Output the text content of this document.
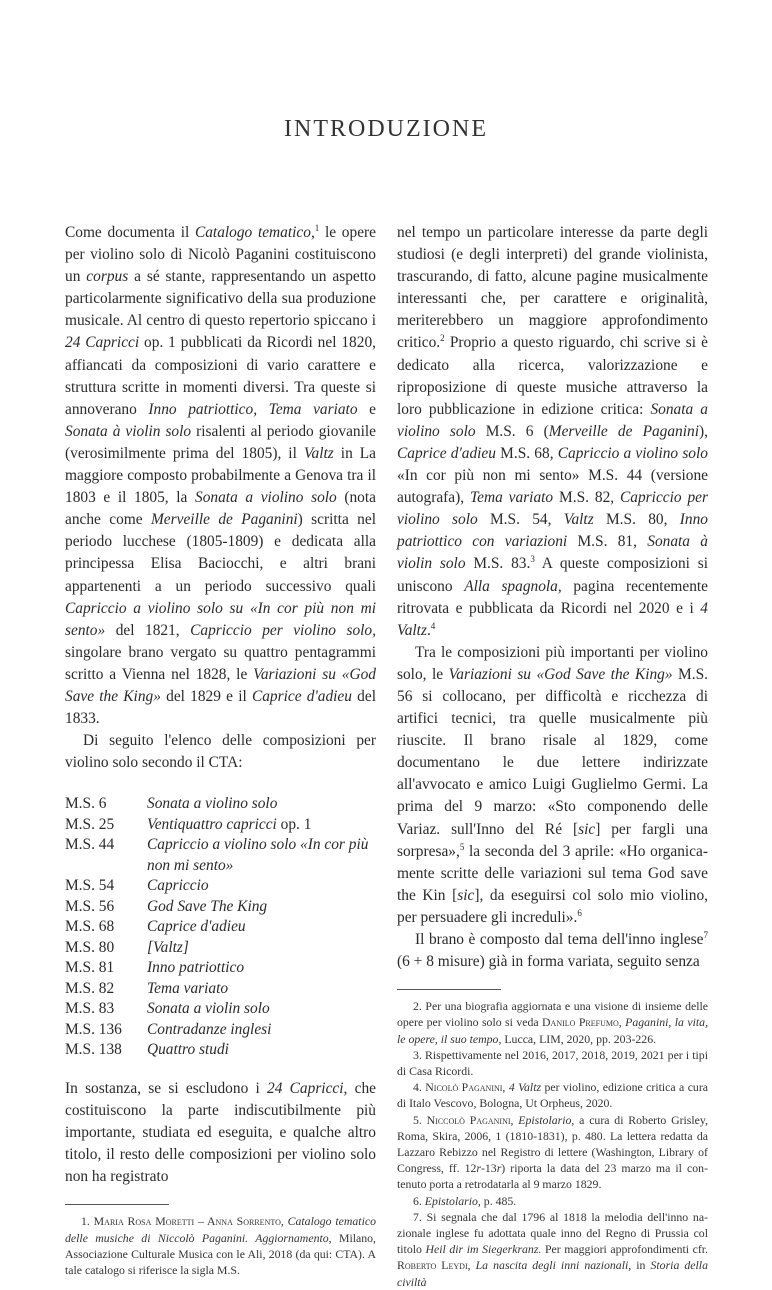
INTRODUZIONE

Come documenta il Catalogo tematico,$^1$ le opere per violino solo di Nicolò Paganini costituiscono un corpus a sé stante, rappresentando un aspetto particolarmente significativo della sua produzione musicale. Al centro di questo repertorio spiccano i 24 Capricci op. 1 pubblicati da Ricordi nel 1820, affiancati da composizioni di vario carattere e struttura scritte in momenti diversi. Tra queste si annoverano Inno patriottico, Tema variato e Sonata à violin solo risalenti al periodo giovanile (verosimilmente prima del 1805), il Valtz in La maggiore composto probabilmente a Genova tra il 1803 e il 1805, la Sonata a violino solo (nota anche come Merveille de Paganini) scritta nel periodo lucchese (1805-1809) e dedicata alla principessa Elisa Baciocchi, e altri brani appartenenti a un periodo successivo quali Capriccio a violino solo su «In cor più non mi sento» del 1821, Capriccio per violino solo, singolare brano vergato su quattro pentagrammi scritto a Vienna nel 1828, le Variazioni su «God Save the King» del 1829 e il Caprice d'adieu del 1833.

Di seguito l'elenco delle composizioni per violino solo secondo il CTA:

M.S. 6	Sonata a violino solo
M.S. 25	Ventiquattro capricci op. 1
M.S. 44	Capriccio a violino solo «In cor più non mi sento»
M.S. 54	Capriccio
M.S. 56	God Save The King
M.S. 68	Caprice d'adieu
M.S. 80	[Valtz]
M.S. 81	Inno patriottico
M.S. 82	Tema variato
M.S. 83	Sonata a violin solo
M.S. 136	Contradanze inglesi
M.S. 138	Quattro studi

In sostanza, se si escludono i 24 Capricci, che costituiscono la parte indiscutibilmente più importante, studiata ed eseguita, e qualche altro titolo, il resto delle composizioni per violino solo non ha registrato

1. Maria Rosa Moretti – Anna Sorrento, Catalogo tematico delle musiche di Niccolò Paganini. Aggiornamento, Milano, Associazione Culturale Musica con le Ali, 2018 (da qui: CTA). A tale catalogo si riferisce la sigla M.S.

nel tempo un particolare interesse da parte degli studiosi (e degli interpreti) del grande violinista, trascurando, di fatto, alcune pagine musicalmente interessanti che, per carattere e originalità, meriterebbero un maggiore approfondimento critico.$^2$ Proprio a questo riguardo, chi scrive si è dedicato alla ricerca, valorizzazione e riproposizione di queste musiche attraverso la loro pubblicazione in edizione critica: Sonata a violino solo M.S. 6 (Merveille de Paganini), Caprice d'adieu M.S. 68, Capriccio a violino solo «In cor più non mi sento» M.S. 44 (versione autografa), Tema variato M.S. 82, Capriccio per violino solo M.S. 54, Valtz M.S. 80, Inno patriottico con variazioni M.S. 81, Sonata à violin solo M.S. 83.$^3$ A queste composizioni si uniscono Alla spagnola, pagina recentemente ritrovata e pubblicata da Ricordi nel 2020 e i 4 Valtz.$^4$

Tra le composizioni più importanti per violino solo, le Variazioni su «God Save the King» M.S. 56 si collocano, per difficoltà e ricchezza di artifici tecnici, tra quelle musicalmente più riuscite. Il brano risale al 1829, come documentano le due lettere indirizzate all'avvocato e amico Luigi Guglielmo Germi. La prima del 9 marzo: «Sto componendo delle Variaz. sull'Inno del Ré [sic] per fargli una sorpresa»,$^5$ la seconda del 3 aprile: «Ho organicamente scritte delle variazioni sul tema God save the Kin [sic], da eseguirsi col solo mio violino, per persuadere gli increduli».$^6$

Il brano è composto dal tema dell'inno inglese$^7$ (6 + 8 misure) già in forma variata, seguito senza

2. Per una biografia aggiornata e una visione di insieme delle opere per violino solo si veda Danilo Prefumo, Paganini, la vita, le opere, il suo tempo, Lucca, LIM, 2020, pp. 203-226.

3. Rispettivamente nel 2016, 2017, 2018, 2019, 2021 per i tipi di Casa Ricordi.

4. Nicolò Paganini, 4 Valtz per violino, edizione critica a cura di Italo Vescovo, Bologna, Ut Orpheus, 2020.

5. Niccolò Paganini, Epistolario, a cura di Roberto Grisley, Roma, Skira, 2006, 1 (1810-1831), p. 480. La lettera redatta da Lazzaro Rebizzo nel Registro di lettere (Washington, Library of Congress, ff. 12r-13r) riporta la data del 23 marzo ma il contenuto porta a retrodatarla al 9 marzo 1829.

6. Epistolario, p. 485.

7. Si segnala che dal 1796 al 1818 la melodia dell'inno nazionale inglese fu adottata quale inno del Regno di Prussia col titolo Heil dir im Siegerkranz. Per maggiori approfondimenti cfr. Roberto Leydi, La nascita degli inni nazionali, in Storia della civiltà
